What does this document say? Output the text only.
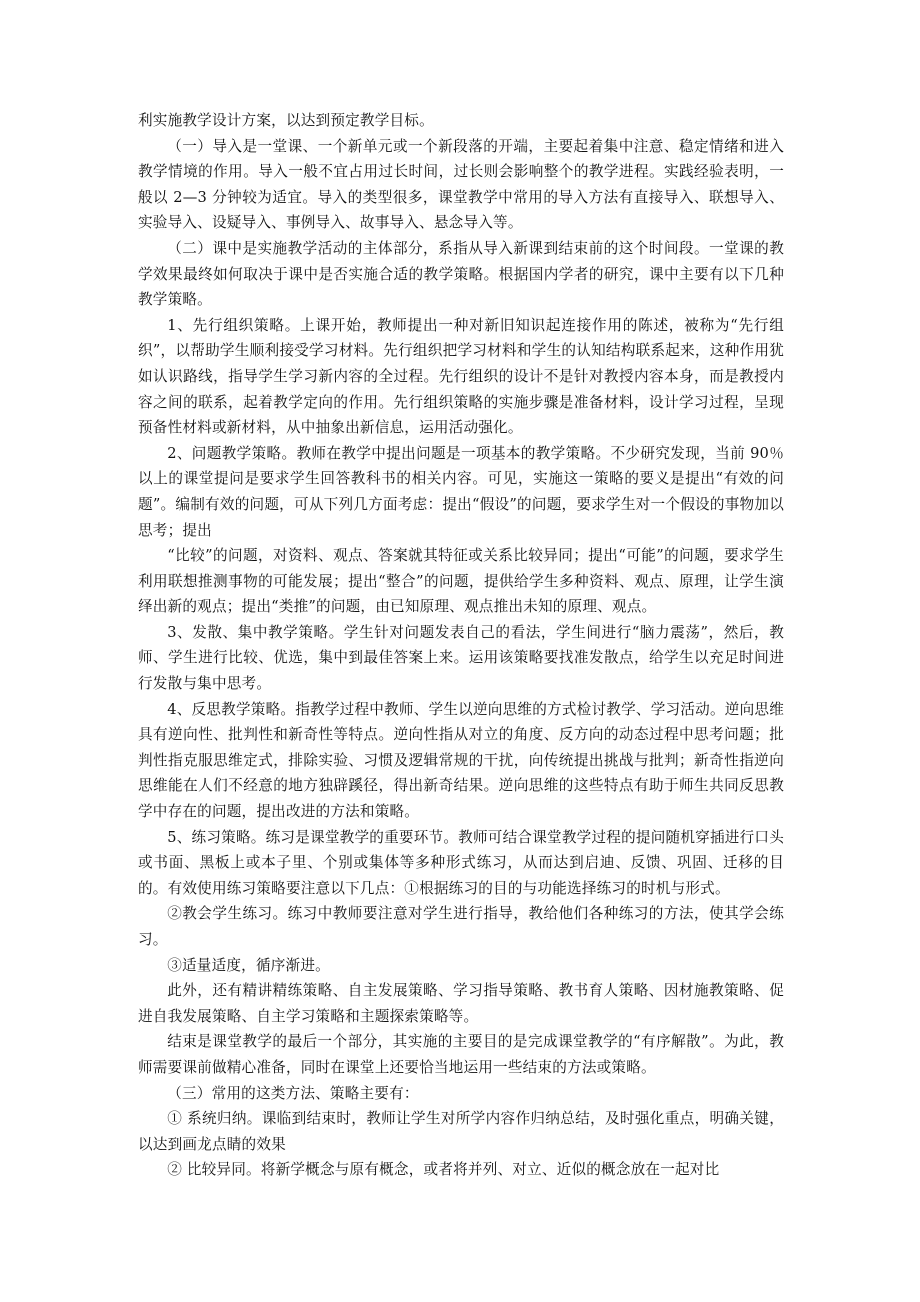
利实施教学设计方案，以达到预定教学目标。

（一）导入是一堂课、一个新单元或一个新段落的开端，主要起着集中注意、稳定情绪和进入教学情境的作用。导入一般不宜占用过长时间，过长则会影响整个的教学进程。实践经验表明，一般以 2—3 分钟较为适宜。导入的类型很多，课堂教学中常用的导入方法有直接导入、联想导入、实验导入、设疑导入、事例导入、故事导入、悬念导入等。

（二）课中是实施教学活动的主体部分，系指从导入新课到结束前的这个时间段。一堂课的教学效果最终如何取决于课中是否实施合适的教学策略。根据国内学者的研究，课中主要有以下几种教学策略。

1、先行组织策略。上课开始，教师提出一种对新旧知识起连接作用的陈述，被称为“先行组织”，以帮助学生顺利接受学习材料。先行组织把学习材料和学生的认知结构联系起来，这种作用犹如认识路线，指导学生学习新内容的全过程。先行组织的设计不是针对教授内容本身，而是教授内容之间的联系，起着教学定向的作用。先行组织策略的实施步骤是准备材料，设计学习过程，呈现预备性材料或新材料，从中抽象出新信息，运用活动强化。

2、问题教学策略。教师在教学中提出问题是一项基本的教学策略。不少研究发现，当前 90％以上的课堂提问是要求学生回答教科书的相关内容。可见，实施这一策略的要义是提出“有效的问题”。编制有效的问题，可从下列几方面考虑：提出“假设”的问题，要求学生对一个假设的事物加以思考；提出

“比较”的问题，对资料、观点、答案就其特征或关系比较异同；提出“可能”的问题，要求学生利用联想推测事物的可能发展；提出“整合”的问题，提供给学生多种资料、观点、原理，让学生演绎出新的观点；提出“类推”的问题，由已知原理、观点推出未知的原理、观点。

3、发散、集中教学策略。学生针对问题发表自己的看法，学生间进行“脑力震荡”，然后，教师、学生进行比较、优选，集中到最佳答案上来。运用该策略要找准发散点，给学生以充足时间进行发散与集中思考。

4、反思教学策略。指教学过程中教师、学生以逆向思维的方式检讨教学、学习活动。逆向思维具有逆向性、批判性和新奇性等特点。逆向性指从对立的角度、反方向的动态过程中思考问题；批判性指克服思维定式，排除实验、习惯及逻辑常规的干扰，向传统提出挑战与批判；新奇性指逆向思维能在人们不经意的地方独辟蹊径，得出新奇结果。逆向思维的这些特点有助于师生共同反思教学中存在的问题，提出改进的方法和策略。

5、练习策略。练习是课堂教学的重要环节。教师可结合课堂教学过程的提问随机穿插进行口头或书面、黑板上或本子里、个别或集体等多种形式练习，从而达到启迪、反馈、巩固、迁移的目的。有效使用练习策略要注意以下几点：①根据练习的目的与功能选择练习的时机与形式。

②教会学生练习。练习中教师要注意对学生进行指导，教给他们各种练习的方法，使其学会练习。

③适量适度，循序渐进。

此外，还有精讲精练策略、自主发展策略、学习指导策略、教书育人策略、因材施教策略、促进自我发展策略、自主学习策略和主题探索策略等。

结束是课堂教学的最后一个部分，其实施的主要目的是完成课堂教学的“有序解散”。为此，教师需要课前做精心准备，同时在课堂上还要恰当地运用一些结束的方法或策略。

（三）常用的这类方法、策略主要有：

① 系统归纳。课临到结束时，教师让学生对所学内容作归纳总结，及时强化重点，明确关键，以达到画龙点睛的效果

② 比较异同。将新学概念与原有概念，或者将并列、对立、近似的概念放在一起对比
